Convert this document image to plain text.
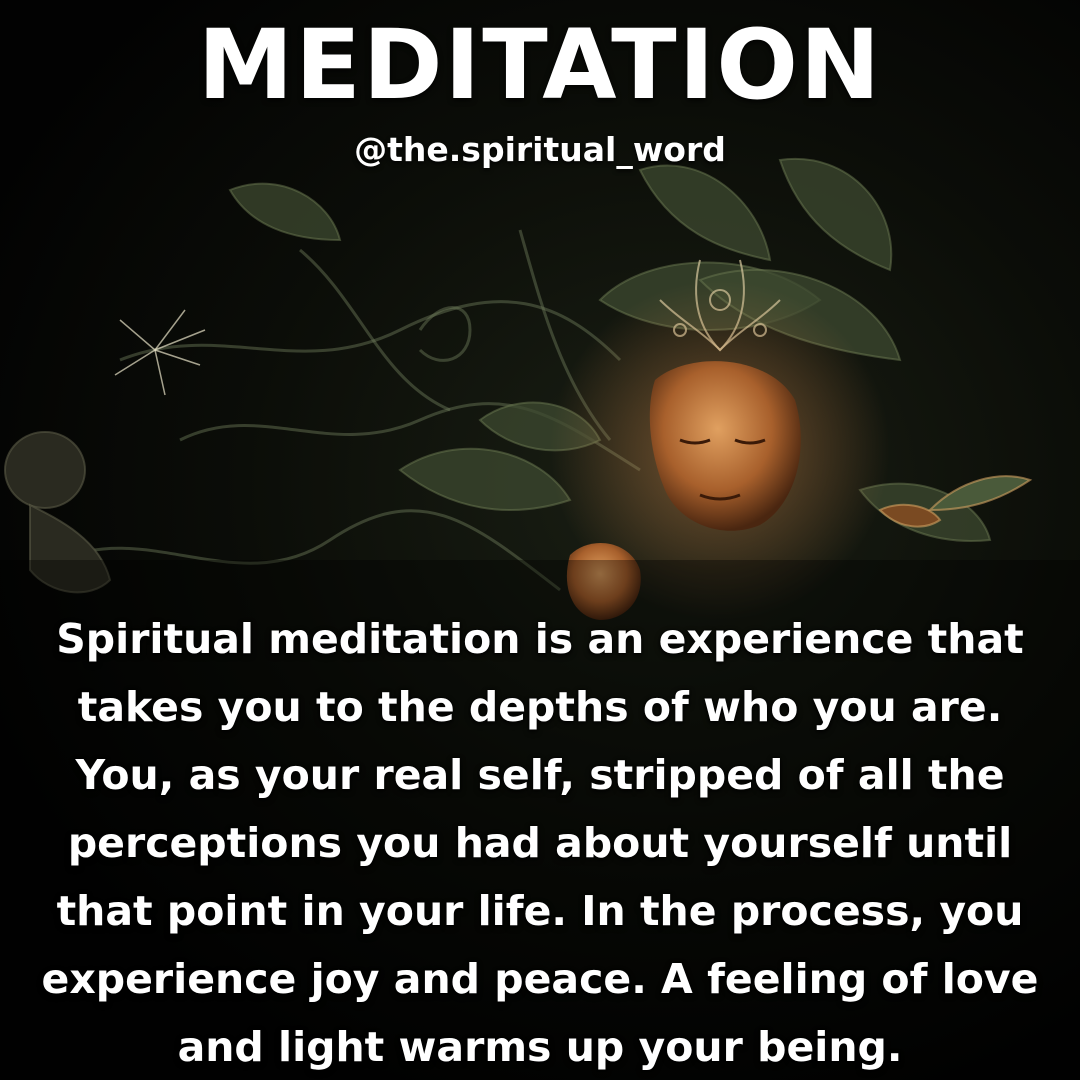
MEDITATION
@the.spiritual_word
Spiritual meditation is an experience that
takes you to the depths of who you are.
You, as your real self, stripped of all the
perceptions you had about yourself until
that point in your life. In the process, you
experience joy and peace. A feeling of love
and light warms up your being.
